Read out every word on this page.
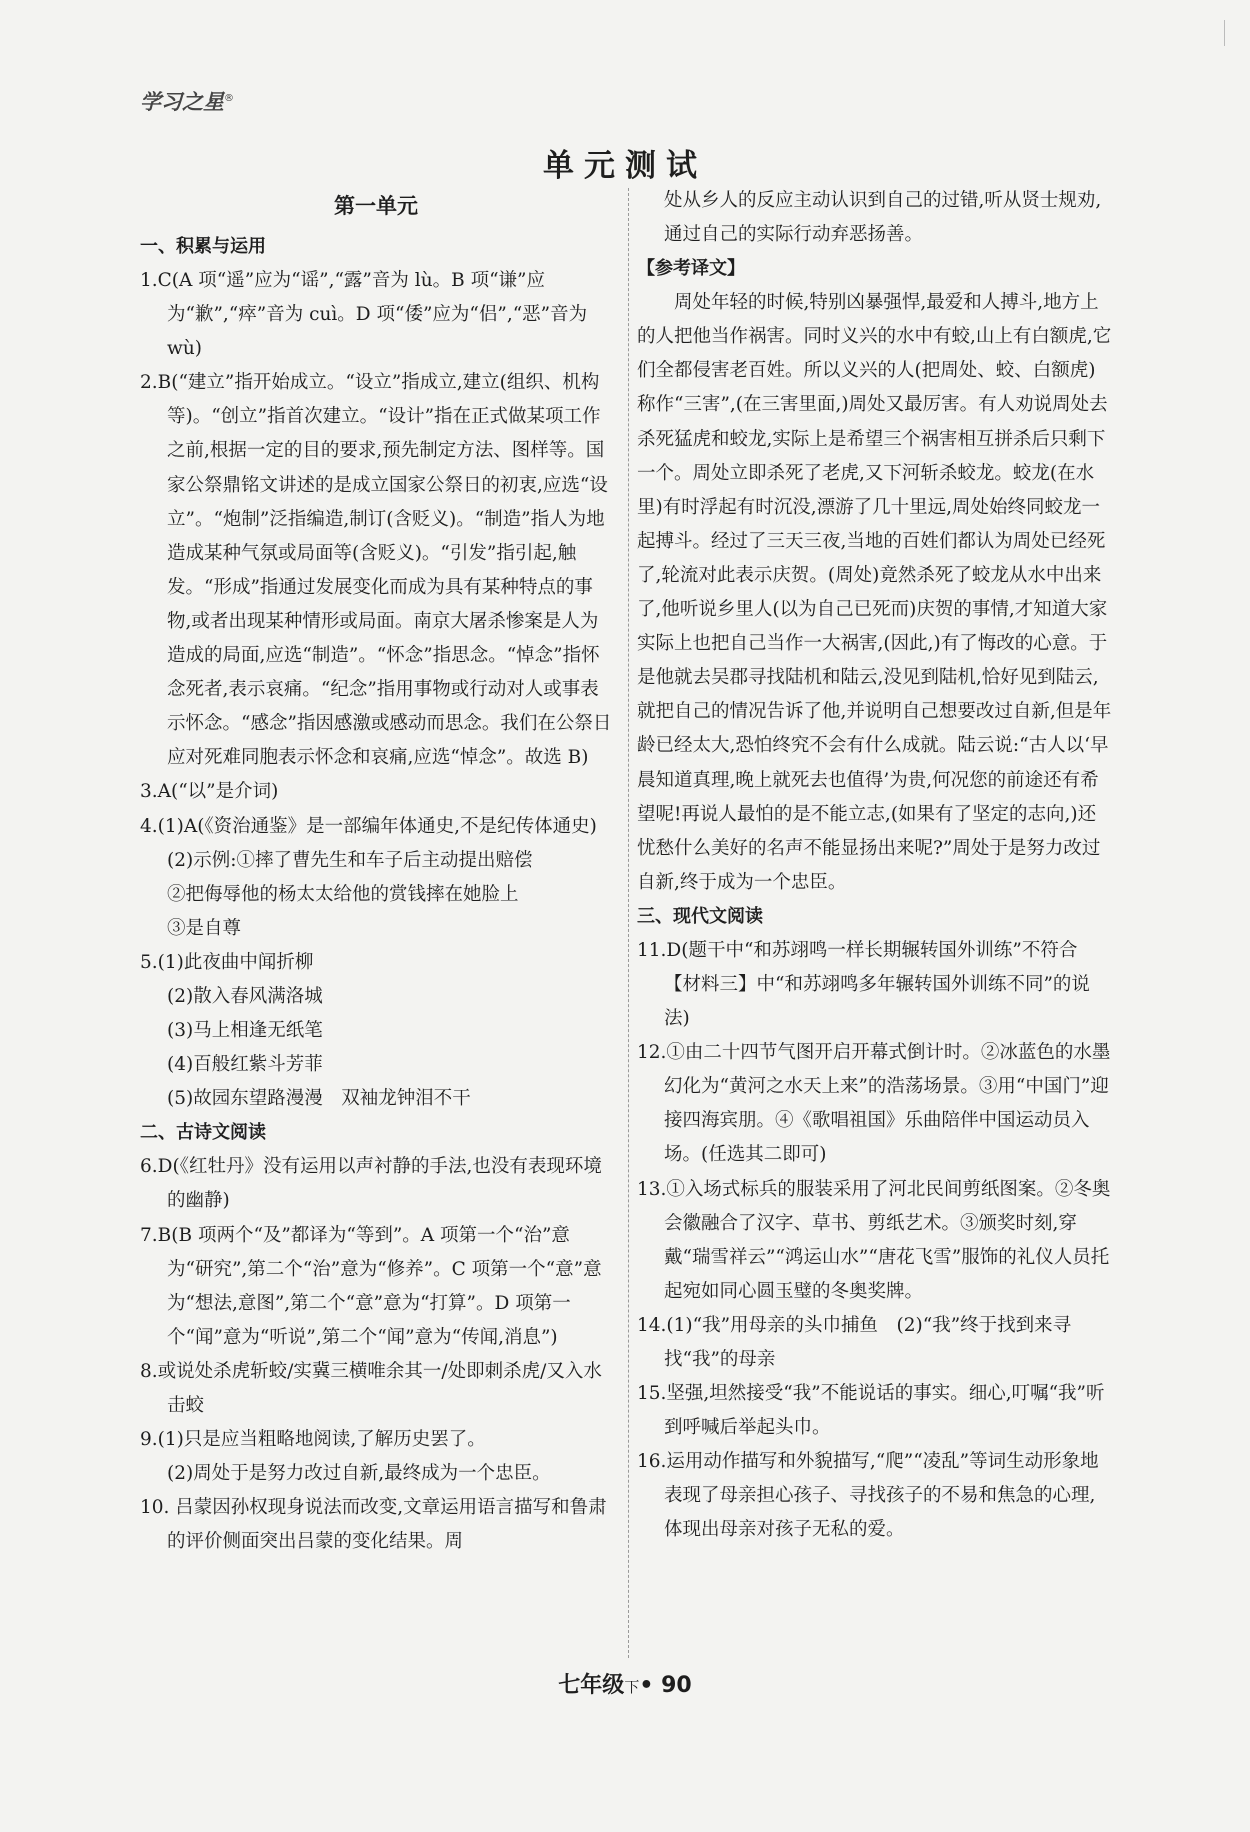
学习之星®
单元测试
第一单元

一、积累与运用

1.C(A 项“遥”应为“谣”,“露”音为 lù。B 项“谦”应为“歉”,“瘁”音为 cuì。D 项“倭”应为“侣”,“恶”音为 wù)

2.B(“建立”指开始成立。“设立”指成立,建立(组织、机构等)。“创立”指首次建立。“设计”指在正式做某项工作之前,根据一定的目的要求,预先制定方法、图样等。国家公祭鼎铭文讲述的是成立国家公祭日的初衷,应选“设立”。“炮制”泛指编造,制订(含贬义)。“制造”指人为地造成某种气氛或局面等(含贬义)。“引发”指引起,触发。“形成”指通过发展变化而成为具有某种特点的事物,或者出现某种情形或局面。南京大屠杀惨案是人为造成的局面,应选“制造”。“怀念”指思念。“悼念”指怀念死者,表示哀痛。“纪念”指用事物或行动对人或事表示怀念。“感念”指因感激或感动而思念。我们在公祭日应对死难同胞表示怀念和哀痛,应选“悼念”。故选 B)

3.A(“以”是介词)

4.(1)A(《资治通鉴》是一部编年体通史,不是纪传体通史)

(2)示例:①摔了曹先生和车子后主动提出赔偿

②把侮辱他的杨太太给他的赏钱摔在她脸上

③是自尊

5.(1)此夜曲中闻折柳

(2)散入春风满洛城

(3)马上相逢无纸笔

(4)百般红紫斗芳菲

(5)故园东望路漫漫　双袖龙钟泪不干

二、古诗文阅读

6.D(《红牡丹》没有运用以声衬静的手法,也没有表现环境的幽静)

7.B(B 项两个“及”都译为“等到”。A 项第一个“治”意为“研究”,第二个“治”意为“修养”。C 项第一个“意”意为“想法,意图”,第二个“意”意为“打算”。D 项第一个“闻”意为“听说”,第二个“闻”意为“传闻,消息”)

8.或说处杀虎斩蛟/实冀三横唯余其一/处即刺杀虎/又入水击蛟

9.(1)只是应当粗略地阅读,了解历史罢了。

(2)周处于是努力改过自新,最终成为一个忠臣。

10. 吕蒙因孙权现身说法而改变,文章运用语言描写和鲁肃的评价侧面突出吕蒙的变化结果。周

处从乡人的反应主动认识到自己的过错,听从贤士规劝,通过自己的实际行动弃恶扬善。

【参考译文】

周处年轻的时候,特别凶暴强悍,最爱和人搏斗,地方上的人把他当作祸害。同时义兴的水中有蛟,山上有白额虎,它们全都侵害老百姓。所以义兴的人(把周处、蛟、白额虎)称作“三害”,(在三害里面,)周处又最厉害。有人劝说周处去杀死猛虎和蛟龙,实际上是希望三个祸害相互拼杀后只剩下一个。周处立即杀死了老虎,又下河斩杀蛟龙。蛟龙(在水里)有时浮起有时沉没,漂游了几十里远,周处始终同蛟龙一起搏斗。经过了三天三夜,当地的百姓们都认为周处已经死了,轮流对此表示庆贺。(周处)竟然杀死了蛟龙从水中出来了,他听说乡里人(以为自己已死而)庆贺的事情,才知道大家实际上也把自己当作一大祸害,(因此,)有了悔改的心意。于是他就去吴郡寻找陆机和陆云,没见到陆机,恰好见到陆云,就把自己的情况告诉了他,并说明自己想要改过自新,但是年龄已经太大,恐怕终究不会有什么成就。陆云说:“古人以‘早晨知道真理,晚上就死去也值得’为贵,何况您的前途还有希望呢!再说人最怕的是不能立志,(如果有了坚定的志向,)还忧愁什么美好的名声不能显扬出来呢?”周处于是努力改过自新,终于成为一个忠臣。

三、现代文阅读

11.D(题干中“和苏翊鸣一样长期辗转国外训练”不符合【材料三】中“和苏翊鸣多年辗转国外训练不同”的说法)

12.①由二十四节气图开启开幕式倒计时。②冰蓝色的水墨幻化为“黄河之水天上来”的浩荡场景。③用“中国门”迎接四海宾朋。④《歌唱祖国》乐曲陪伴中国运动员入场。(任选其二即可)

13.①入场式标兵的服装采用了河北民间剪纸图案。②冬奥会徽融合了汉字、草书、剪纸艺术。③颁奖时刻,穿戴“瑞雪祥云”“鸿运山水”“唐花飞雪”服饰的礼仪人员托起宛如同心圆玉璧的冬奥奖牌。

14.(1)“我”用母亲的头巾捕鱼　(2)“我”终于找到来寻找“我”的母亲

15.坚强,坦然接受“我”不能说话的事实。细心,叮嘱“我”听到呼喊后举起头巾。

16.运用动作描写和外貌描写,“爬”“凌乱”等词生动形象地表现了母亲担心孩子、寻找孩子的不易和焦急的心理,体现出母亲对孩子无私的爱。

七年级下• 90
